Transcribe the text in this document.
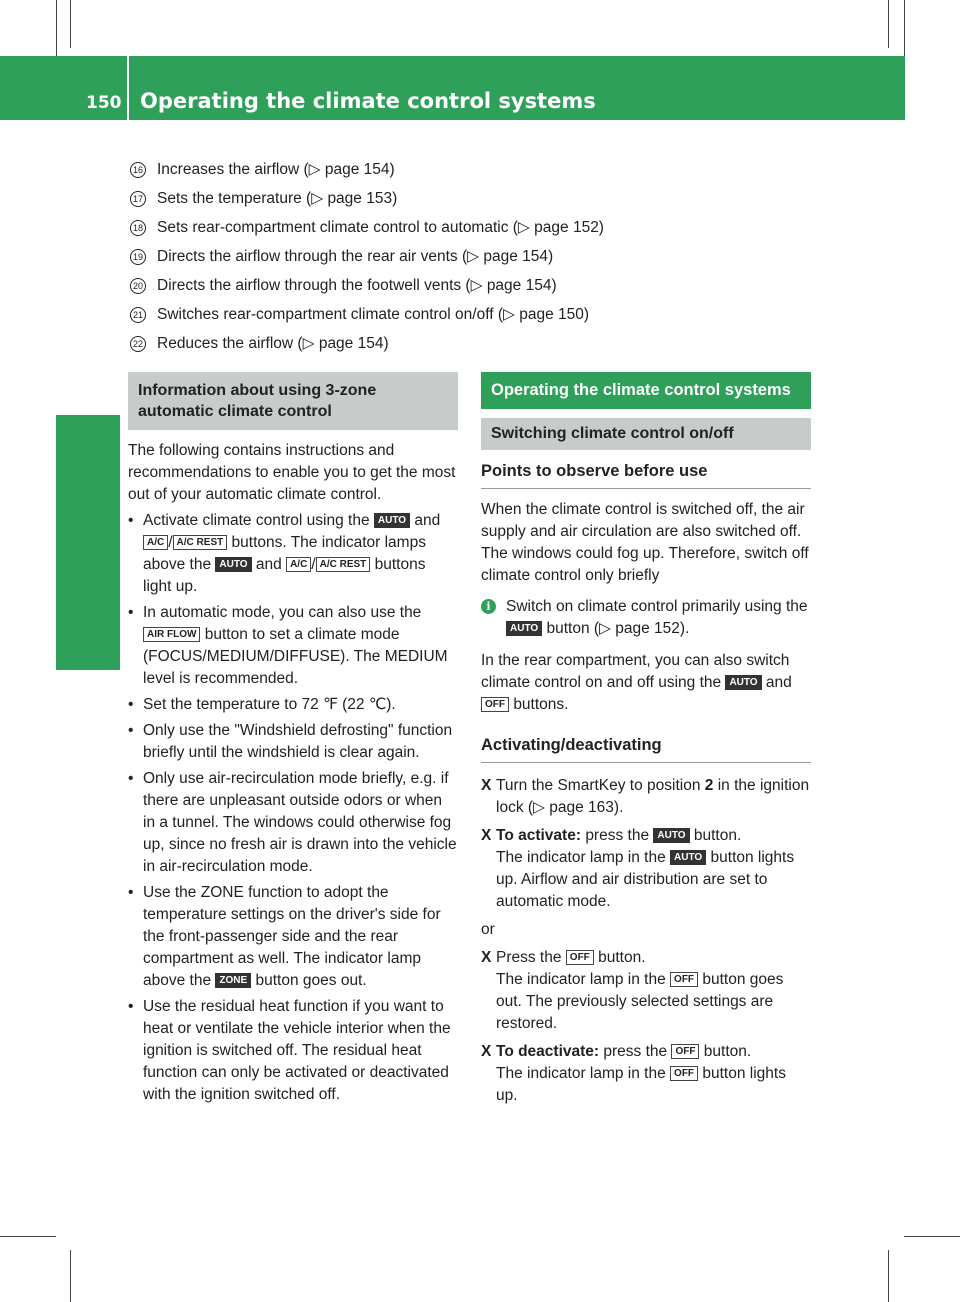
150 Operating the climate control systems
Climate control
16 Increases the airflow (▷ page 154)
17 Sets the temperature (▷ page 153)
18 Sets rear-compartment climate control to automatic (▷ page 152)
19 Directs the airflow through the rear air vents (▷ page 154)
20 Directs the airflow through the footwell vents (▷ page 154)
21 Switches rear-compartment climate control on/off (▷ page 150)
22 Reduces the airflow (▷ page 154)
Information about using 3-zone automatic climate control

The following contains instructions and recommendations to enable you to get the most out of your automatic climate control.

• Activate climate control using the AUTO and A/C / A/C REST buttons. The indicator lamps above the AUTO and A/C / A/C REST buttons light up.
• In automatic mode, you can also use the AIR FLOW button to set a climate mode (FOCUS/MEDIUM/DIFFUSE). The MEDIUM level is recommended.
• Set the temperature to 72 ℉ (22 ℃).
• Only use the "Windshield defrosting" function briefly until the windshield is clear again.
• Only use air-recirculation mode briefly, e.g. if there are unpleasant outside odors or when in a tunnel. The windows could otherwise fog up, since no fresh air is drawn into the vehicle in air-recirculation mode.
• Use the ZONE function to adopt the temperature settings on the driver's side for the front-passenger side and the rear compartment as well. The indicator lamp above the ZONE button goes out.
• Use the residual heat function if you want to heat or ventilate the vehicle interior when the ignition is switched off. The residual heat function can only be activated or deactivated with the ignition switched off.
Operating the climate control systems
Switching climate control on/off
Points to observe before use

When the climate control is switched off, the air supply and air circulation are also switched off. The windows could fog up. Therefore, switch off climate control only briefly

i Switch on climate control primarily using the AUTO button (▷ page 152).

In the rear compartment, you can also switch climate control on and off using the AUTO and OFF buttons.

Activating/deactivating
X Turn the SmartKey to position 2 in the ignition lock (▷ page 163).
X To activate: press the AUTO button.
The indicator lamp in the AUTO button lights up. Airflow and air distribution are set to automatic mode.

or

X Press the OFF button.
The indicator lamp in the OFF button goes out. The previously selected settings are restored.
X To deactivate: press the OFF button.
The indicator lamp in the OFF button lights up.
